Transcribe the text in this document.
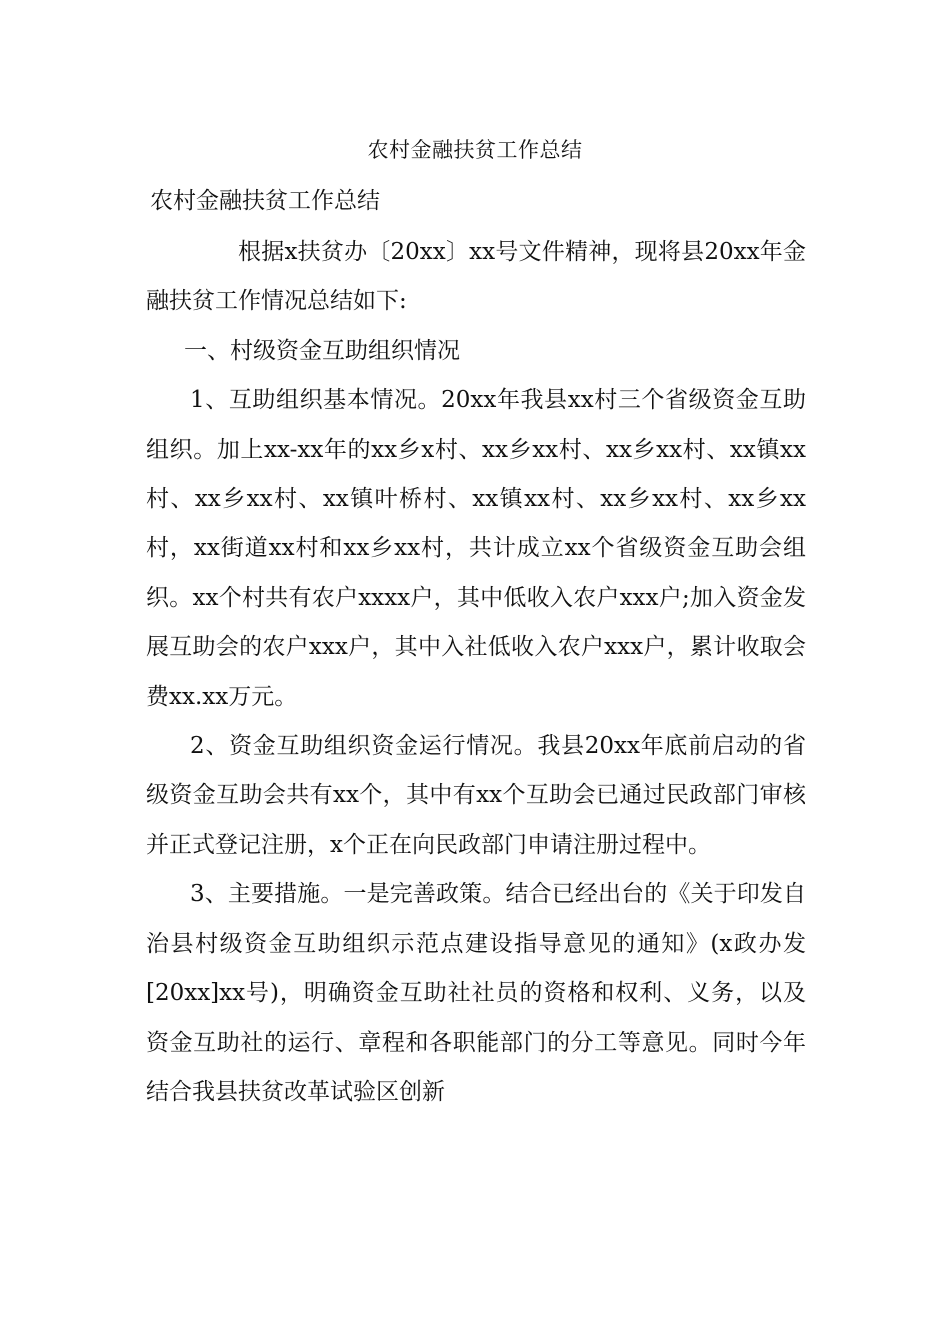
农村金融扶贫工作总结
农村金融扶贫工作总结

根据x扶贫办〔20xx〕xx号文件精神，现将县20xx年金融扶贫工作情况总结如下:

一、村级资金互助组织情况

1、互助组织基本情况。20xx年我县xx村三个省级资金互助组织。加上xx-xx年的xx乡x村、xx乡xx村、xx乡xx村、xx镇xx村、xx乡xx村、xx镇叶桥村、xx镇xx村、xx乡xx村、xx乡xx村，xx街道xx村和xx乡xx村，共计成立xx个省级资金互助会组织。xx个村共有农户xxxx户，其中低收入农户xxx户;加入资金发展互助会的农户xxx户，其中入社低收入农户xxx户，累计收取会费xx.xx万元。

2、资金互助组织资金运行情况。我县20xx年底前启动的省级资金互助会共有xx个，其中有xx个互助会已通过民政部门审核并正式登记注册，x个正在向民政部门申请注册过程中。

3、主要措施。一是完善政策。结合已经出台的《关于印发自治县村级资金互助组织示范点建设指导意见的通知》(x政办发[20xx]xx号)，明确资金互助社社员的资格和权利、义务，以及资金互助社的运行、章程和各职能部门的分工等意见。同时今年结合我县扶贫改革试验区创新
